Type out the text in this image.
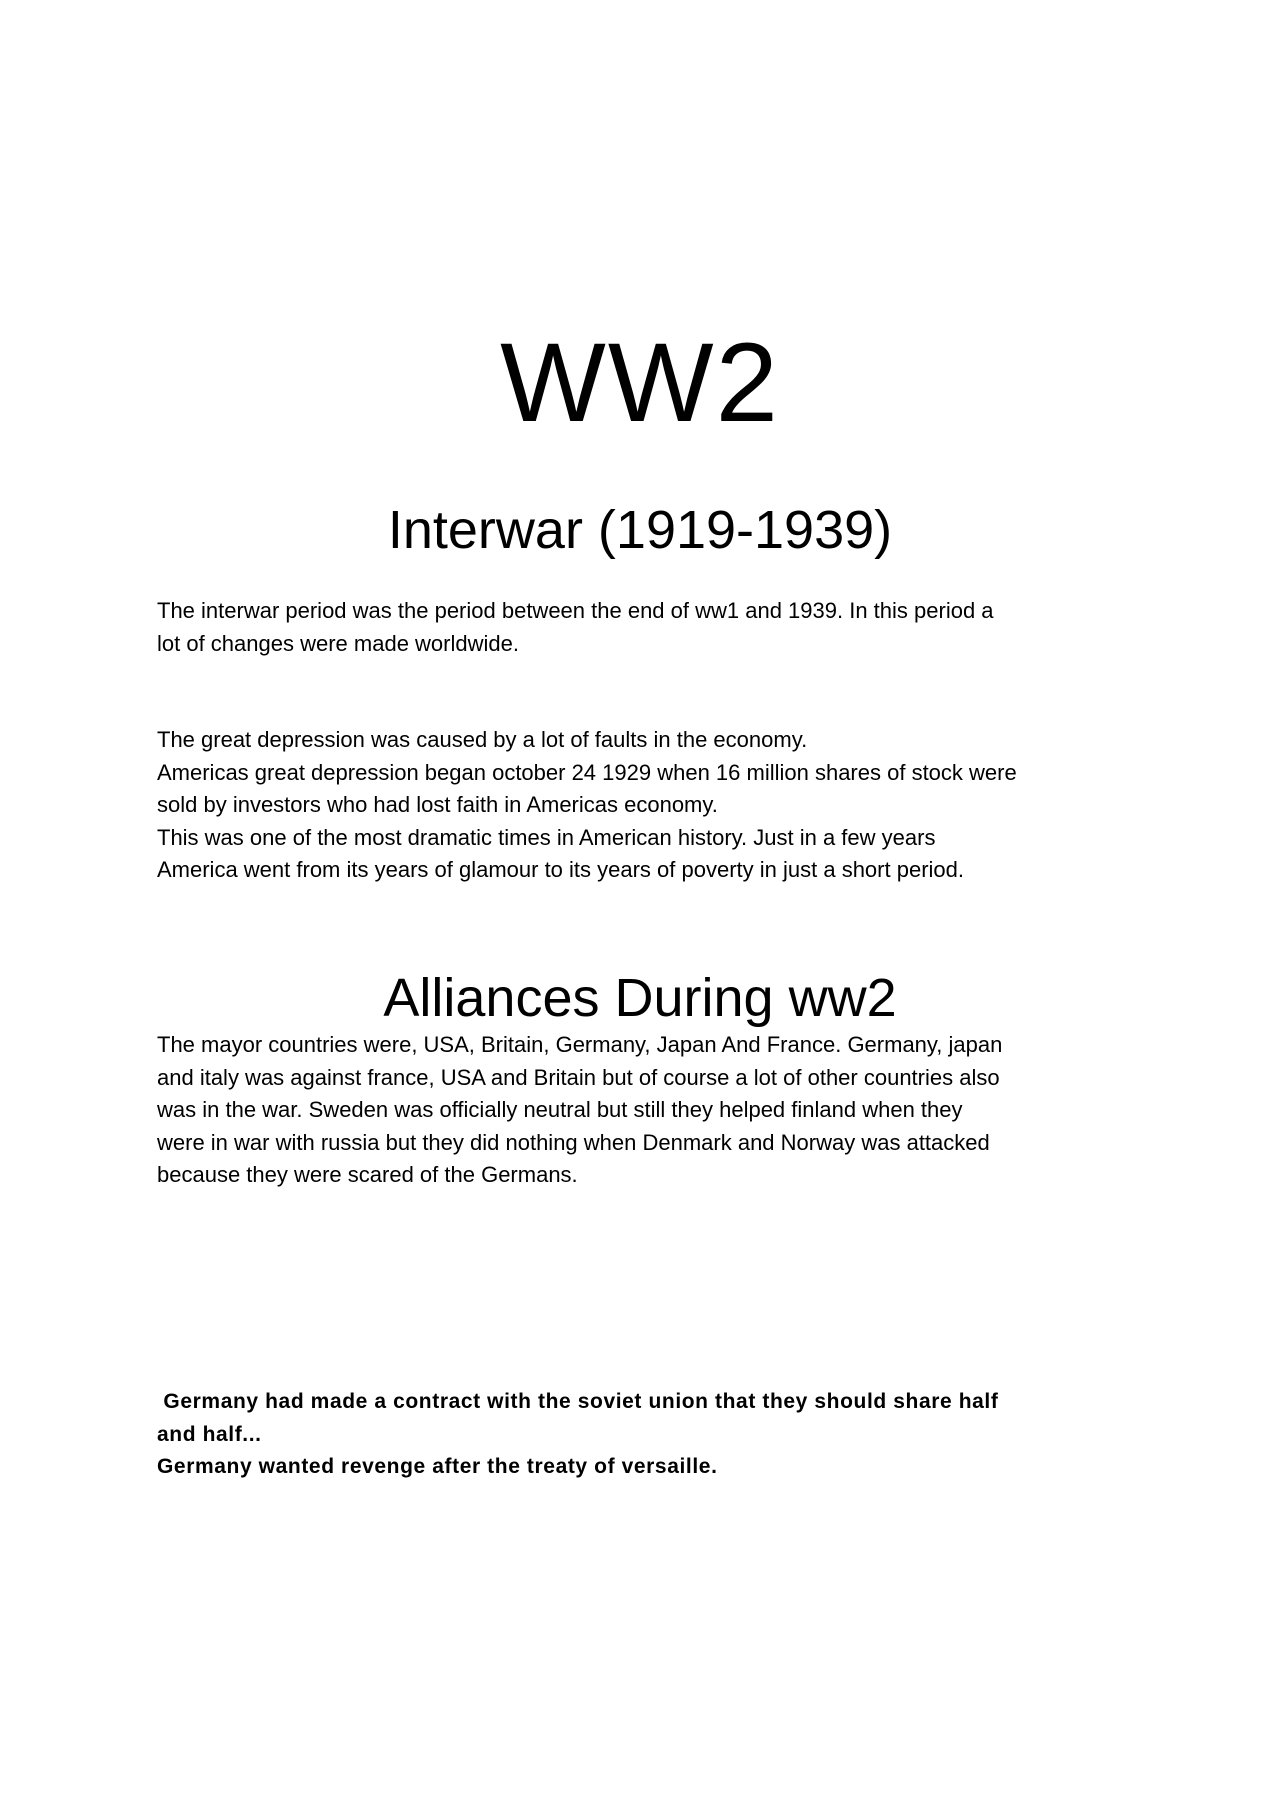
WW2
Interwar (1919-1939)
The interwar period was the period between the end of ww1 and 1939. In this period a
lot of changes were made worldwide.
The great depression was caused by a lot of faults in the economy.
Americas great depression began october 24 1929 when 16 million shares of stock were
sold by investors who had lost faith in Americas economy.
This was one of the most dramatic times in American history. Just in a few years
America went from its years of glamour to its years of poverty in just a short period.
Alliances During ww2
The mayor countries were, USA, Britain, Germany, Japan And France. Germany, japan
and italy was against france, USA and Britain but of course a lot of other countries also
was in the war. Sweden was officially neutral but still they helped finland when they
were in war with russia but they did nothing when Denmark and Norway was attacked
because they were scared of the Germans.
Germany had made a contract with the soviet union that they should share half
and half...
Germany wanted revenge after the treaty of versaille.
